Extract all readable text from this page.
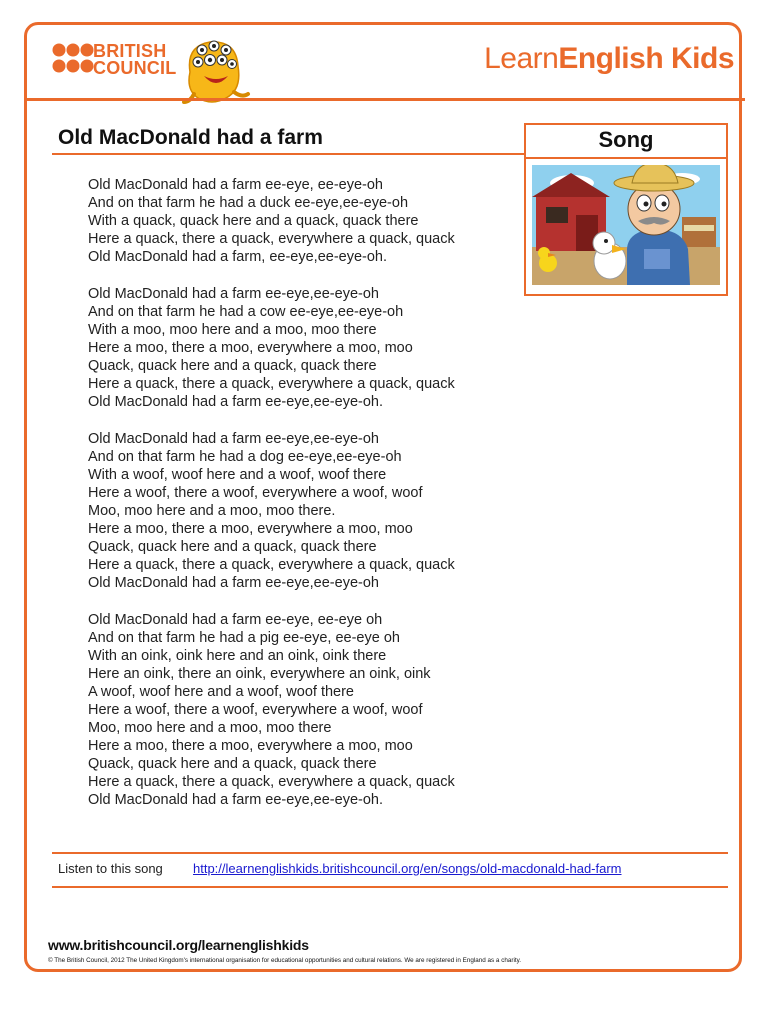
BRITISH
COUNCIL	LearnEnglish Kids
Old MacDonald had a farm	Song
Old MacDonald had a farm ee-eye, ee-eye-oh
And on that farm he had a duck ee-eye,ee-eye-oh
With a quack, quack here and a quack, quack there
Here a quack, there a quack, everywhere a quack, quack
Old MacDonald had a farm, ee-eye,ee-eye-oh.
Old MacDonald had a farm ee-eye,ee-eye-oh
And on that farm he had a cow ee-eye,ee-eye-oh
With a moo, moo here and a moo, moo there
Here a moo, there a moo, everywhere a moo, moo
Quack, quack here and a quack, quack there
Here a quack, there a quack, everywhere a quack, quack
Old MacDonald had a farm ee-eye,ee-eye-oh.
Old MacDonald had a farm ee-eye,ee-eye-oh
And on that farm he had a dog ee-eye,ee-eye-oh
With a woof, woof here and a woof, woof there
Here a woof, there a woof, everywhere a woof, woof
Moo, moo here and a moo, moo there.
Here a moo, there a moo, everywhere a moo, moo
Quack, quack here and a quack, quack there
Here a quack, there a quack, everywhere a quack, quack
Old MacDonald had a farm ee-eye,ee-eye-oh
Old MacDonald had a farm ee-eye, ee-eye oh
And on that farm he had a pig ee-eye, ee-eye oh
With an oink, oink here and an oink, oink there
Here an oink, there an oink, everywhere an oink, oink
A woof, woof here and a woof, woof there
Here a woof, there a woof, everywhere a woof, woof
Moo, moo here and a moo, moo there
Here a moo, there a moo, everywhere a moo, moo
Quack, quack here and a quack, quack there
Here a quack, there a quack, everywhere a quack, quack
Old MacDonald had a farm ee-eye,ee-eye-oh.
Listen to this song http://learnenglishkids.britishcouncil.org/en/songs/old-macdonald-had-farm
www.britishcouncil.org/learnenglishkids
© The British Council, 2012 The United Kingdom's international organisation for educational opportunities and cultural relations. We are registered in England as a charity.
